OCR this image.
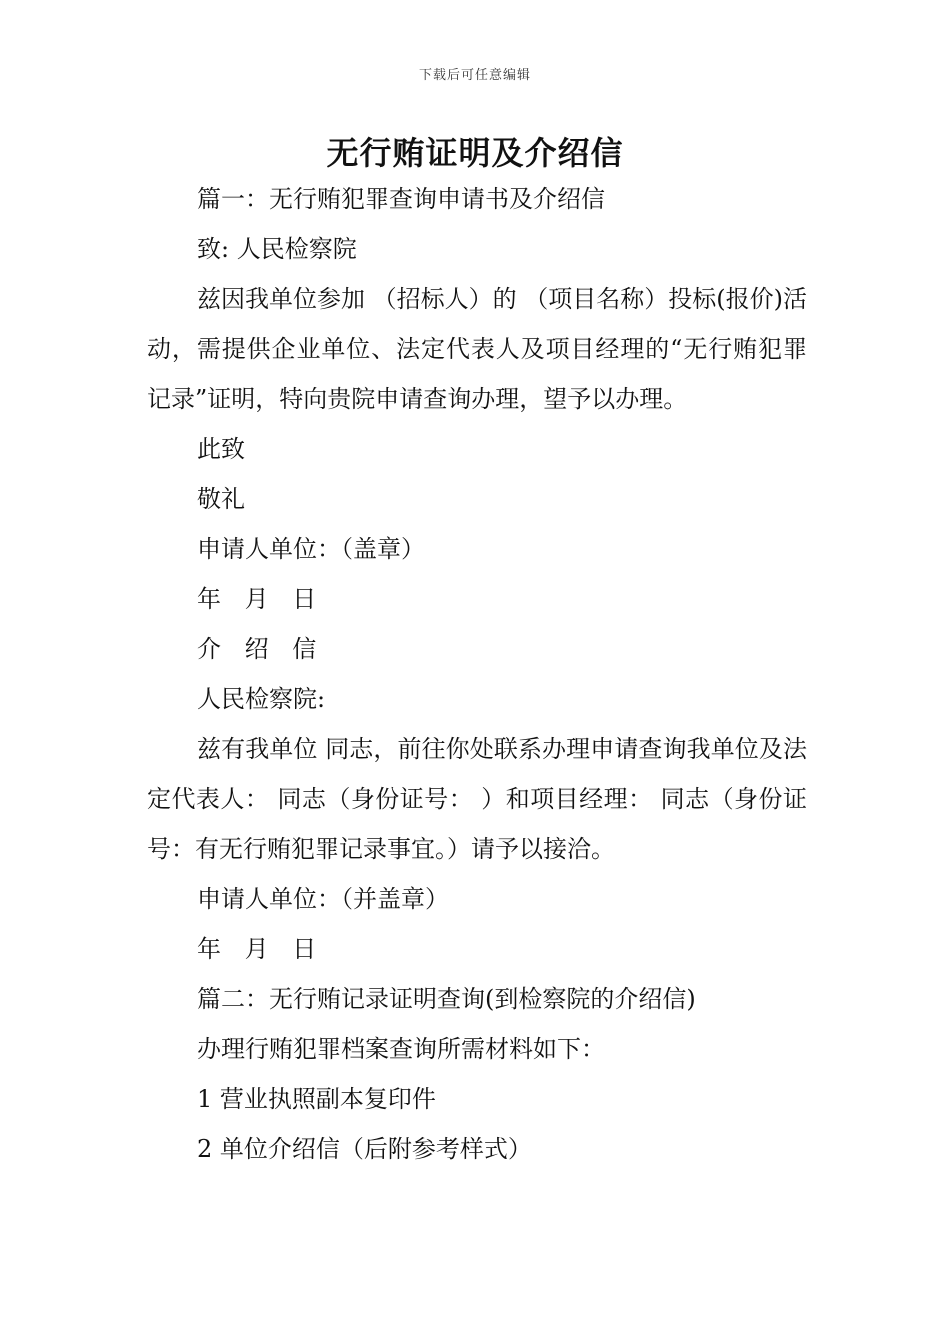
下载后可任意编辑
无行贿证明及介绍信

篇一：无行贿犯罪查询申请书及介绍信

致: 人民检察院

兹因我单位参加 （招标人）的 （项目名称）投标(报价)活动，需提供企业单位、法定代表人及项目经理的“无行贿犯罪记录”证明，特向贵院申请查询办理，望予以办理。

此致

敬礼

申请人单位：（盖章）

年 月 日

介 绍 信

人民检察院:

兹有我单位 同志，前往你处联系办理申请查询我单位及法定代表人： 同志（身份证号： ）和项目经理： 同志（身份证号：有无行贿犯罪记录事宜。）请予以接洽。

申请人单位：（并盖章）

年 月 日

篇二：无行贿记录证明查询(到检察院的介绍信)

办理行贿犯罪档案查询所需材料如下：

1 营业执照副本复印件

2 单位介绍信（后附参考样式）
